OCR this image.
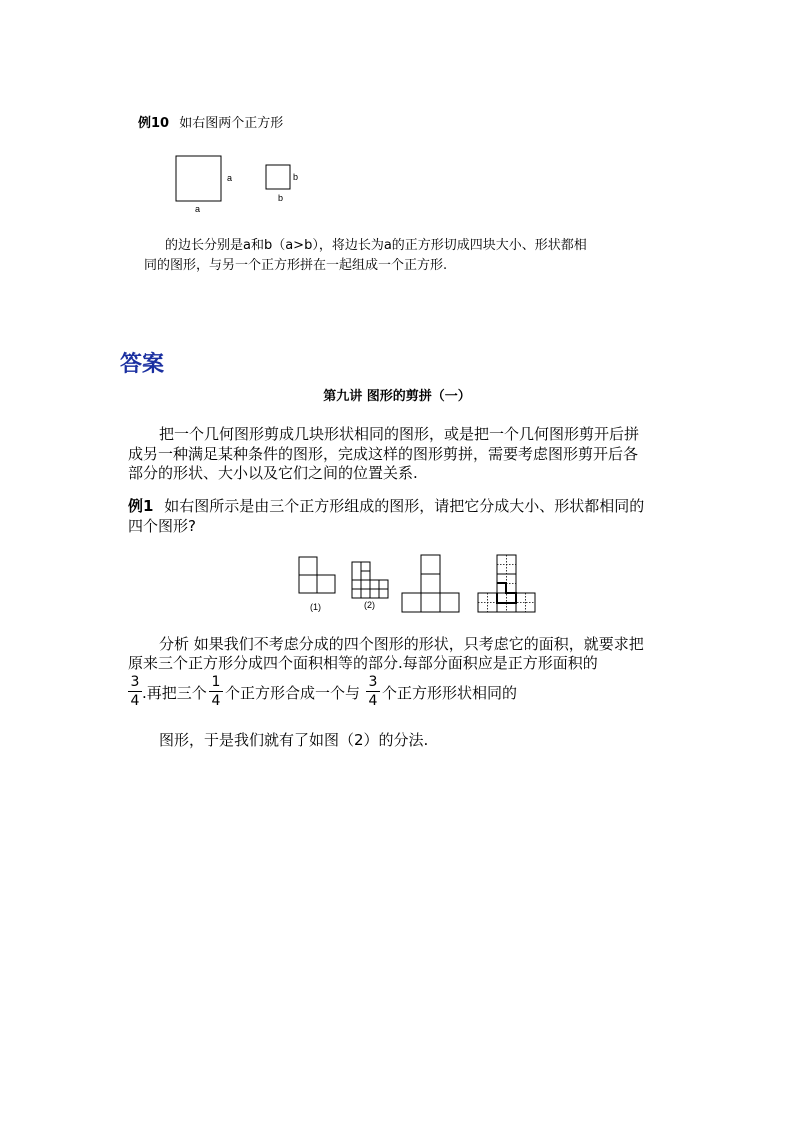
例10 如右图两个正方形
a
a
b
b
的边长分别是a和b（a>b），将边长为a的正方形切成四块大小、形状都相
同的图形，与另一个正方形拼在一起组成一个正方形.
答案
第九讲 图形的剪拼（一）
把一个几何图形剪成几块形状相同的图形，或是把一个几何图形剪开后拼
成另一种满足某种条件的图形，完成这样的图形剪拼，需要考虑图形剪开后各
部分的形状、大小以及它们之间的位置关系.
例1 如右图所示是由三个正方形组成的图形，请把它分成大小、形状都相同的
四个图形?
(1)	(2)
分析 如果我们不考虑分成的四个图形的形状，只考虑它的面积，就要求把
原来三个正方形分成四个面积相等的部分.每部分面积应是正方形面积的
3
4 .再把三个
1
4 个正方形合成一个与
3
4 个正方形形状相同的
图形，于是我们就有了如图（2）的分法.
